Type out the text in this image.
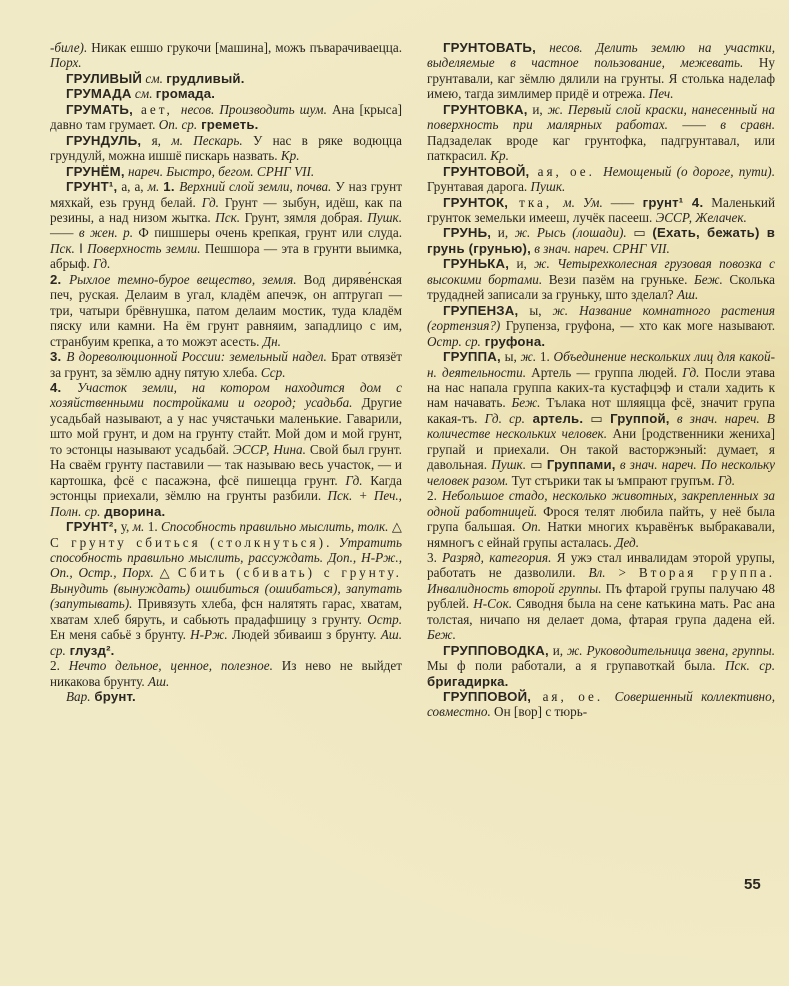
-биле). Никак ешшо грукочи [машина], можъ пъварачиваецца. Порх.

ГРУЛИВЫЙ см. грудливый.

ГРУМАДА см. громада.

ГРУМАТЬ, ает, несов. Производить шум. Ана [крыса] давно там грумает. Оп. ср. греметь.

ГРУНДУЛЬ, я, м. Пескарь. У нас в ряке водюцца грундулй, можна ишшё пискарь назвать. Кр.

ГРУНЁМ, нареч. Быстро, бегом. СРНГ VII.

ГРУНТ¹, а, а, м. 1. Верхний слой земли, почва. У наз грунт мяхкай, езь грунд белай. Гд. Грунт — зыбун, идёш, как па резины, а над низом жытка. Пск. Грунт, зямля добрая. Пушк. —— в жен. р. Ф пишшеры очень крепкая, грунт или слуда. Пск. ‖ Поверхность земли. Пешшора — эта в грунти выимка, абрыф. Гд.

2. Рыхлое темно-бурое вещество, земля. Вод диряве́нская печ, руская. Делаим в угал, кладём апечэк, он аптругап — три, чатыри брёвнушка, патом делаим мостик, туда кладём пяску или камни. На ём грунт равняим, западлицо с им, странбуим крепка, а то можэт асесть. Дн.

3. В дореволюционной России: земельный надел. Брат отвязёт за грунт, за зёмлю адну пятую хлеба. Сср.

4. Участок земли, на котором находится дом с хозяйственными постройками и огород; усадьба. Другие усадьбай называют, а у нас учястачьки маленькие. Гаварили, што мой грунт, и дом на грунту стайт. Мой дом и мой грунт, то эстонцы называют усадьбай. ЭССР, Нина. Свой был грунт. На сваём грунту паставили — так называю весь участок, — и картошка, фсё с пасажэна, фсё пишецца грунт. Гд. Кагда эстонцы приехали, зёмлю на грунты разбили. Пск. + Печ., Полн. ср. дворина.

ГРУНТ², у, м. 1. Способность правильно мыслить, толк. △ С грунту сбиться (столкнуться). Утратить способность правильно мыслить, рассуждать. Доп., Н-Рж., Оп., Остр., Порх. △ Сбить (сбивать) с грунту. Вынудить (вынуждать) ошибиться (ошибаться), запутать (запутывать). Привязуть хлеба, фсн налятять гарас, хватам, хватам хлеб бяруть, и сабьють прадафшицу з грунту. Остр. Ен меня сабьё з брунту. Н-Рж. Людей збиваиш з брунту. Аш. ср. глузд².

2. Нечто дельное, ценное, полезное. Из нево не выйдет никакова брунту. Аш.

Вар. брунт.

ГРУНТОВАТЬ, несов. Делить землю на участки, выделяемые в частное пользование, межевать. Ну грунтавали, каг зёмлю дялили на грунты. Я столька наделаф имею, тагда зимлимер придё и отрежа. Печ.

ГРУНТОВКА, и, ж. Первый слой краски, нанесенный на поверхность при малярных работах. —— в сравн. Падзаделак вроде каг грунтофка, падгрунтавал, или паткрасил. Кр.

ГРУНТОВОЙ, ая, ое. Немощеный (о дороге, пути). Грунтавая дарога. Пушк.

ГРУНТОК, тка, м. Ум. —— грунт¹ 4. Маленький грунток земельки имееш, лучёк пасееш. ЭССР, Желачек.

ГРУНЬ, и, ж. Рысь (лошади). ▭ (Ехать, бежать) в грунь (грунью), в знач. нареч. СРНГ VII.

ГРУНЬКА, и, ж. Четырехколесная грузовая повозка с высокими бортами. Вези пазём на груньке. Беж. Сколька трудадней записали за груньку, што зделал? Аш.

ГРУПЕНЗА, ы, ж. Название комнатного растения (гортензия?) Групенза, груфона, — хто как моге называют. Остр. ср. груфона.

ГРУППА, ы, ж. 1. Объединение нескольких лиц для какой-н. деятельности. Артель — группа людей. Гд. Посли этава на нас напала группа каких-та кустафцэф и стали хадить к нам начавать. Беж. Тълака нот шляяцца фсё, значит група какая-тъ. Гд. ср. артель. ▭ Группой, в знач. нареч. В количестве нескольких человек. Ани [родственники жениха] групай и приехали. Он такой вастоpжэный: думает, я давольная. Пушк. ▭ Группами, в знач. нареч. По нескольку человек разом. Тут стърики так ы ъмпрают групъм. Гд.

2. Небольшое стадо, несколько животных, закрепленных за одной работницей. Фрося телят любила пайть, у неё была група бальшая. Оп. Натки многих къравёнък выбракавали, нямногъ с ейнай групы асталась. Дед.

3. Разряд, категория. Я ужэ стал инвалидам эторой урупы, работать не дазволили. Вл. > Вторая группа. Инвалидность второй группы. Пъ фтарой групы палучаю 48 рублей. Н-Сок. Сяводня была на сене катькина мать. Рас ана толстая, ничапо ня делает дома, фтарая група дадена ей. Беж.

ГРУППОВОДКА, и, ж. Руководительница звена, группы. Мы ф поли работали, а я групавоткай была. Пск. ср. бригадирка.

ГРУППОВОЙ, ая, ое. Совершенный коллективно, совместно. Он [вор] с тюрь-

55
